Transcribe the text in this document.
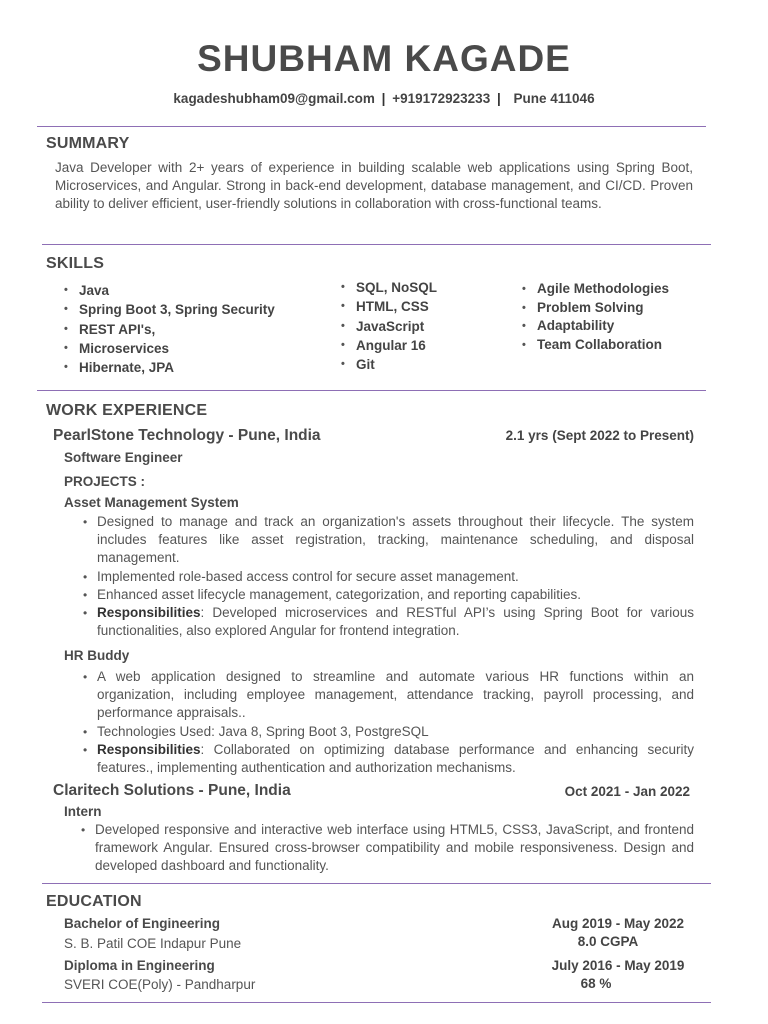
SHUBHAM KAGADE
kagadeshubham09@gmail.com | +919172923233 | Pune 411046
SUMMARY
Java Developer with 2+ years of experience in building scalable web applications using Spring Boot, Microservices, and Angular. Strong in back-end development, database management, and CI/CD. Proven ability to deliver efficient, user-friendly solutions in collaboration with cross-functional teams.
SKILLS
• Java
• Spring Boot 3, Spring Security
• REST API's,
• Microservices
• Hibernate, JPA
• SQL, NoSQL
• HTML, CSS
• JavaScript
• Angular 16
• Git
• Agile Methodologies
• Problem Solving
• Adaptability
• Team Collaboration
WORK EXPERIENCE
PearlStone Technology - Pune, India	2.1 yrs (Sept 2022 to Present)
Software Engineer
PROJECTS :
Asset Management System
• Designed to manage and track an organization's assets throughout their lifecycle. The system includes features like asset registration, tracking, maintenance scheduling, and disposal management.
• Implemented role-based access control for secure asset management.
• Enhanced asset lifecycle management, categorization, and reporting capabilities.
• Responsibilities: Developed microservices and RESTful API’s using Spring Boot for various functionalities, also explored Angular for frontend integration.
HR Buddy
• A web application designed to streamline and automate various HR functions within an organization, including employee management, attendance tracking, payroll processing, and performance appraisals..
• Technologies Used: Java 8, Spring Boot 3, PostgreSQL
• Responsibilities: Collaborated on optimizing database performance and enhancing security features., implementing authentication and authorization mechanisms.
Claritech Solutions - Pune, India	Oct 2021 - Jan 2022
Intern
• Developed responsive and interactive web interface using HTML5, CSS3, JavaScript, and frontend framework Angular. Ensured cross-browser compatibility and mobile responsiveness. Design and developed dashboard and functionality.
EDUCATION
Bachelor of Engineering
S. B. Patil COE Indapur Pune
Aug 2019 - May 2022
8.0 CGPA
Diploma in Engineering
SVERI COE(Poly) - Pandharpur
July 2016 - May 2019
68 %
